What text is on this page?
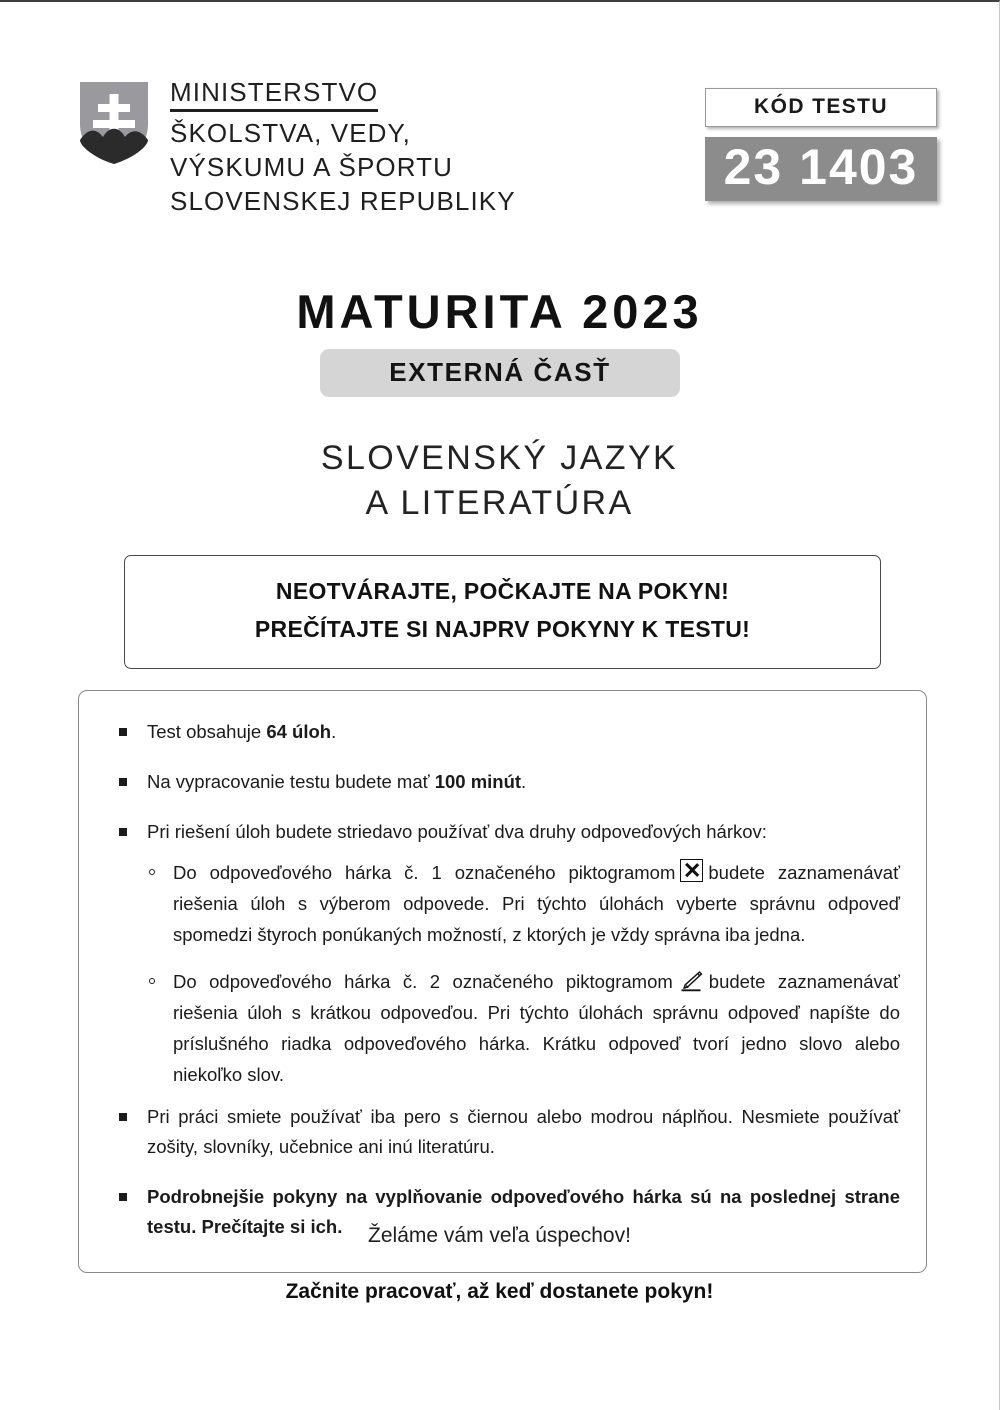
MINISTERSTVO
ŠKOLSTVA, VEDY,
VÝSKUMU A ŠPORTU
SLOVENSKEJ REPUBLIKY
KÓD TESTU
23 1403
MATURITA 2023
EXTERNÁ ČASŤ
SLOVENSKÝ JAZYK
A LITERATÚRA
NEOTVÁRAJTE, POČKAJTE NA POKYN!
PREČÍTAJTE SI NAJPRV POKYNY K TESTU!
Test obsahuje 64 úloh.
Na vypracovanie testu budete mať 100 minút.
Pri riešení úloh budete striedavo používať dva druhy odpoveďových hárkov:
Do odpoveďového hárka č. 1 označeného piktogramom budete zaznamenávať riešenia úloh s výberom odpovede. Pri týchto úlohách vyberte správnu odpoveď spomedzi štyroch ponúkaných možností, z ktorých je vždy správna iba jedna.
Do odpoveďového hárka č. 2 označeného piktogramom budete zaznamenávať riešenia úloh s krátkou odpoveďou. Pri týchto úlohách správnu odpoveď napíšte do príslušného riadka odpoveďového hárka. Krátku odpoveď tvorí jedno slovo alebo niekoľko slov.
Pri práci smiete používať iba pero s čiernou alebo modrou náplňou. Nesmiete používať zošity, slovníky, učebnice ani inú literatúru.
Podrobnejšie pokyny na vyplňovanie odpoveďového hárka sú na poslednej strane testu. Prečítajte si ich.	Želáme vám veľa úspechov!
Začnite pracovať, až keď dostanete pokyn!
